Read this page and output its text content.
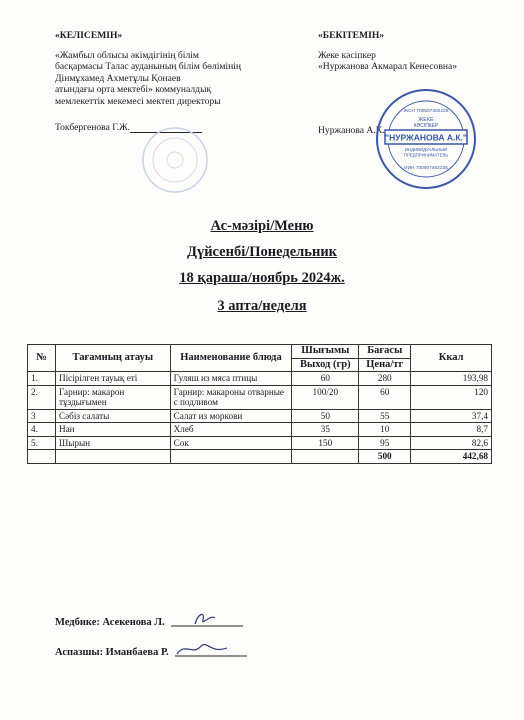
«КЕЛІСЕМІН»
«Жамбыл облысы әкімдігінің білім
басқармасы Талас ауданының білім бөлімінің
Дінмұхамед Ахметұлы Қонаев
атындағы орта мектебі» коммуналдық
мемлекеттік мекемесі мектеп директоры
Токбергенова Г.Ж.
«БЕКІТЕМІН»
Жеке кәсіпкер
«Нуржанова Акмарал Кенесовна»
Нуржанова А.К.
"НУРЖАНОВА А.К."
ЖСН 700507402225
ЖЕКЕ
КӘСІПКЕР
ИНДИВИДУАЛЬНЫЙ
ПРЕДПРИНИМАТЕЛЬ
ИИН 700507402225
Ас-мәзірі/Меню
Дүйсенбі/Понедельник
18 қараша/ноябрь 2024ж.
3 апта/неделя
№	Тағамның атауы	Наименование блюда	Шығымы	Бағасы	Ккал
			Выход (гр)	Цена/тг	
1.	Пісірілген тауық еті	Гуляш из мяса птицы	60	280	193,98
2.	Гарнир: макарон тұздығымен	Гарнир: макароны отварные с подливом	100/20	60	120
3	Сәбіз салаты	Салат из моркови	50	55	37,4
4.	Нан	Хлеб	35	10	8,7
5.	Шырын	Сок	150	95	82,6
				500	442,68
Медбике: Асекенова Л.
Аспазшы: Иманбаева Р.
